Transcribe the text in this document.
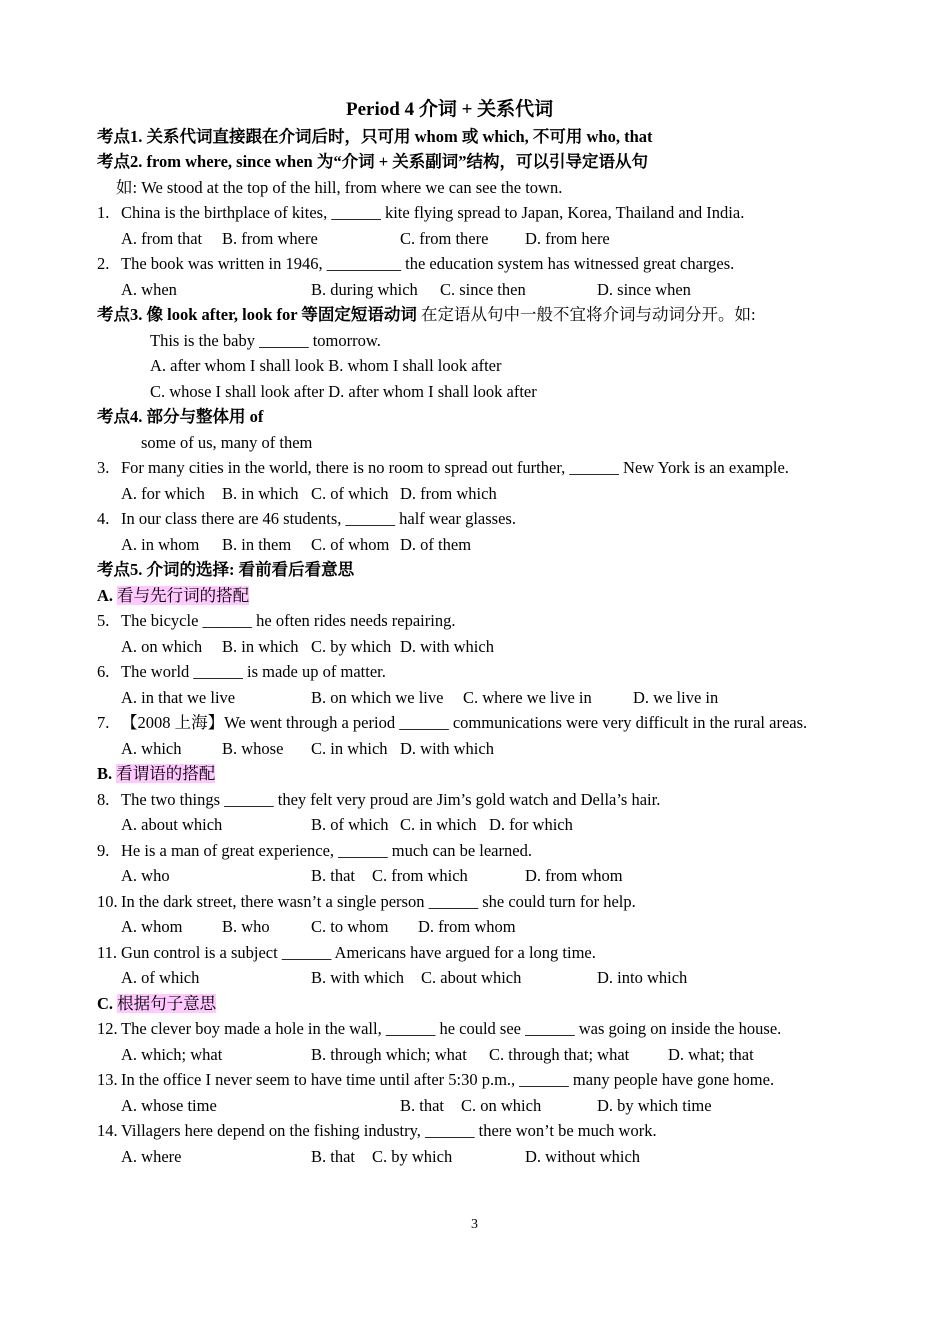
Period 4 介词 + 关系代词
考点1. 关系代词直接跟在介词后时，只可用 whom 或 which, 不可用 who, that
考点2. from where, since when 为“介词 + 关系副词”结构，可以引导定语从句
如: We stood at the top of the hill, from where we can see the town.
1. China is the birthplace of kites, ______ kite flying spread to Japan, Korea, Thailand and India.
A. from that B. from where	C. from there D. from here
2. The book was written in 1946, _________ the education system has witnessed great charges.
A. when	B. during which C. since then	D. since when
考点3. 像 look after, look for 等固定短语动词 在定语从句中一般不宜将介词与动词分开。如:
This is the baby ______ tomorrow.
A. after whom I shall look B. whom I shall look after
C. whose I shall look after D. after whom I shall look after
考点4. 部分与整体用 of
some of us, many of them
3. For many cities in the world, there is no room to spread out further, ______ New York is an example.
A. for which B. in which C. of which D. from which
4. In our class there are 46 students, ______ half wear glasses.
A. in whom B. in them C. of whom D. of them
考点5. 介词的选择: 看前看后看意思
A. 看与先行词的搭配
5. The bicycle ______ he often rides needs repairing.
A. on which B. in which C. by which D. with which
6. The world ______ is made up of matter.
A. in that we live	B. on which we live C. where we live in D. we live in
7. 【2008 上海】We went through a period ______ communications were very difficult in the rural areas.
A. which B. whose C. in which D. with which
B. 看谓语的搭配
8. The two things ______ they felt very proud are Jim’s gold watch and Della’s hair.
A. about which	B. of which C. in which D. for which
9. He is a man of great experience, ______ much can be learned.
A. who	B. that C. from which	D. from whom
10. In the dark street, there wasn’t a single person ______ she could turn for help.
A. whom B. who	C. to whom D. from whom
11. Gun control is a subject ______ Americans have argued for a long time.
A. of which	B. with which C. about which	D. into which
C. 根据句子意思
12. The clever boy made a hole in the wall, ______ he could see ______ was going on inside the house.
A. which; what	B. through which; what C. through that; what D. what; that
13. In the office I never seem to have time until after 5:30 p.m., ______ many people have gone home.
A. whose time	B. that C. on which	D. by which time
14. Villagers here depend on the fishing industry, ______ there won’t be much work.
A. where	B. that C. by which	D. without which
3
